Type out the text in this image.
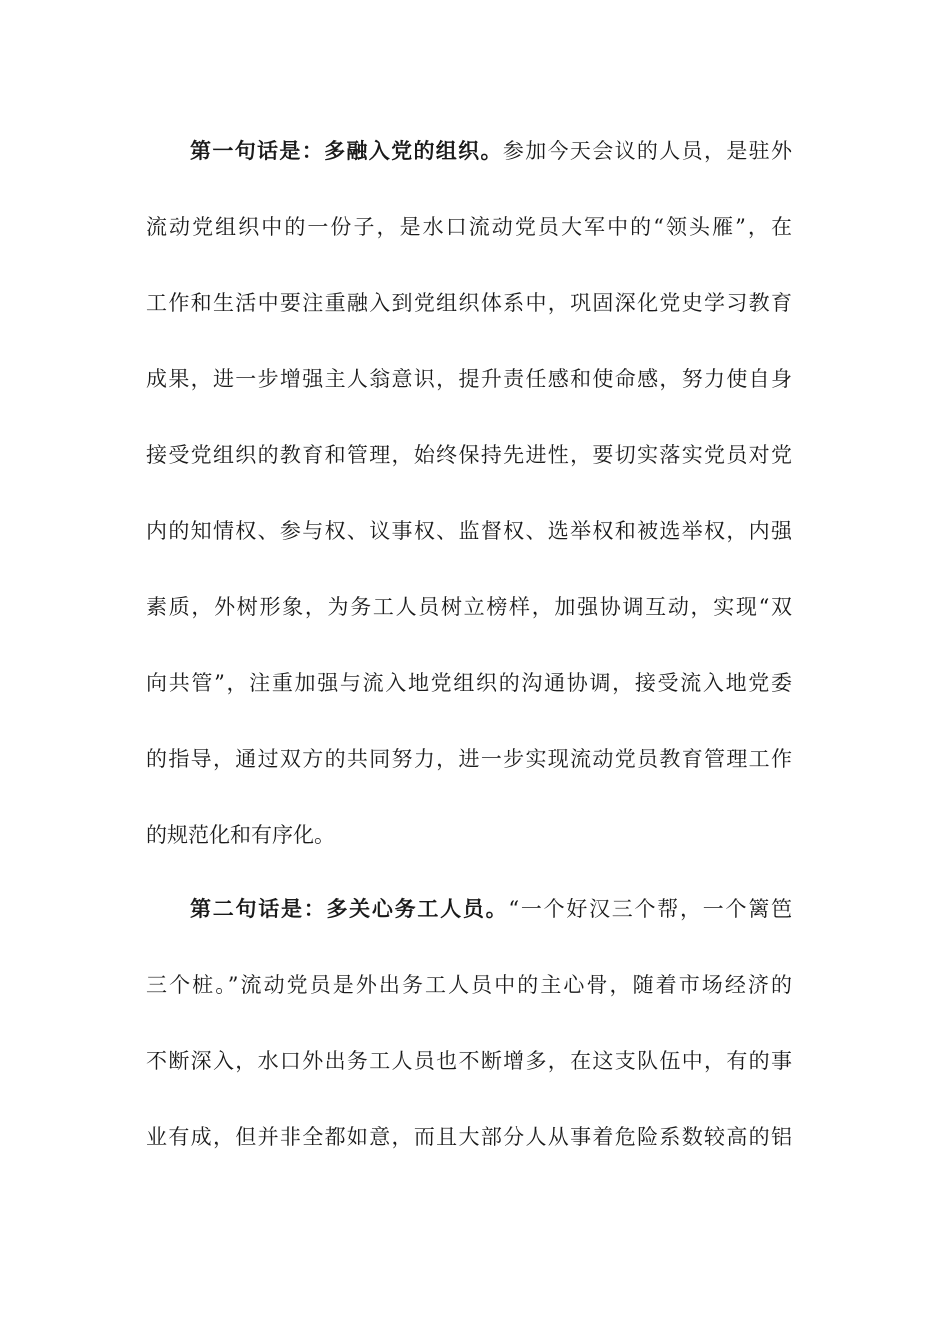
第一句话是：多融入党的组织。参加今天会议的人员，是驻外
流动党组织中的一份子，是水口流动党员大军中的“领头雁”，在
工作和生活中要注重融入到党组织体系中，巩固深化党史学习教育
成果，进一步增强主人翁意识，提升责任感和使命感，努力使自身
接受党组织的教育和管理，始终保持先进性，要切实落实党员对党
内的知情权、参与权、议事权、监督权、选举权和被选举权，内强
素质，外树形象，为务工人员树立榜样，加强协调互动，实现“双
向共管”，注重加强与流入地党组织的沟通协调，接受流入地党委
的指导，通过双方的共同努力，进一步实现流动党员教育管理工作
的规范化和有序化。
第二句话是：多关心务工人员。“一个好汉三个帮，一个篱笆
三个桩。”流动党员是外出务工人员中的主心骨，随着市场经济的
不断深入，水口外出务工人员也不断增多，在这支队伍中，有的事
业有成，但并非全都如意，而且大部分人从事着危险系数较高的铝
